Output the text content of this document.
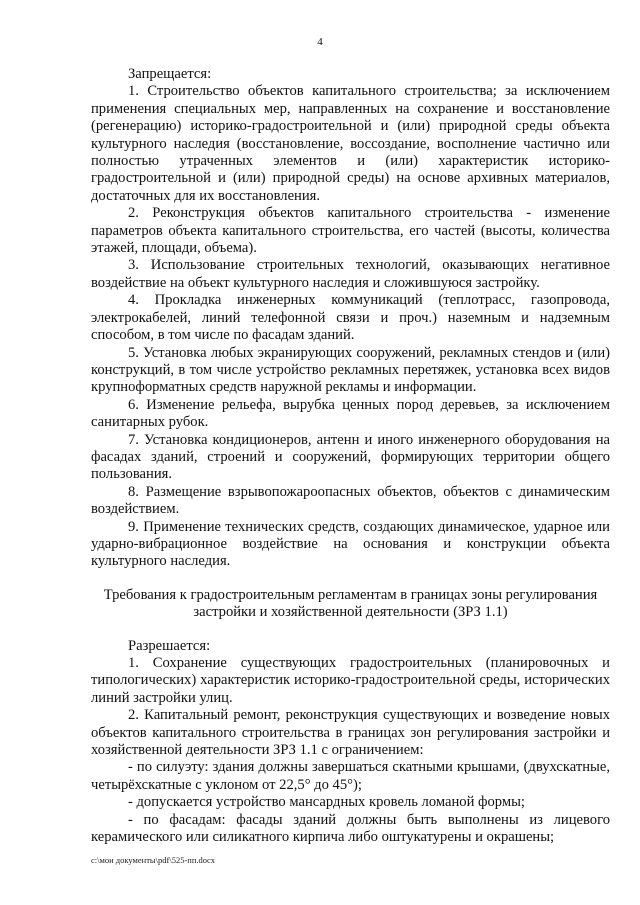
4

Запрещается:

1. Строительство объектов капитального строительства; за исключением применения специальных мер, направленных на сохранение и восстановление (регенерацию) историко-градостроительной и (или) природной среды объекта культурного наследия (восстановление, воссоздание, восполнение частично или полностью утраченных элементов и (или) характеристик историко-градостроительной и (или) природной среды) на основе архивных материалов, достаточных для их восстановления.

2. Реконструкция объектов капитального строительства - изменение параметров объекта капитального строительства, его частей (высоты, количества этажей, площади, объема).

3. Использование строительных технологий, оказывающих негативное воздействие на объект культурного наследия и сложившуюся застройку.

4. Прокладка инженерных коммуникаций (теплотрасс, газопровода, электрокабелей, линий телефонной связи и проч.) наземным и надземным способом, в том числе по фасадам зданий.

5. Установка любых экранирующих сооружений, рекламных стендов и (или) конструкций, в том числе устройство рекламных перетяжек, установка всех видов крупноформатных средств наружной рекламы и информации.

6. Изменение рельефа, вырубка ценных пород деревьев, за исключением санитарных рубок.

7. Установка кондиционеров, антенн и иного инженерного оборудования на фасадах зданий, строений и сооружений, формирующих территории общего пользования.

8. Размещение взрывопожароопасных объектов, объектов с динамическим воздействием.

9. Применение технических средств, создающих динамическое, ударное или ударно-вибрационное воздействие на основания и конструкции объекта культурного наследия.

Требования к градостроительным регламентам в границах зоны регулирования застройки и хозяйственной деятельности (ЗРЗ 1.1)

Разрешается:

1. Сохранение существующих градостроительных (планировочных и типологических) характеристик историко-градостроительной среды, исторических линий застройки улиц.

2. Капитальный ремонт, реконструкция существующих и возведение новых объектов капитального строительства в границах зон регулирования застройки и хозяйственной деятельности ЗРЗ 1.1 с ограничением:

- по силуэту: здания должны завершаться скатными крышами, (двухскатные, четырёхскатные с уклоном от 22,5° до 45°);

- допускается устройство мансардных кровель ломаной формы;

- по фасадам: фасады зданий должны быть выполнены из лицевого керамического или силикатного кирпича либо оштукатурены и окрашены;

c:\мои документы\pdf\525-пп.docx
